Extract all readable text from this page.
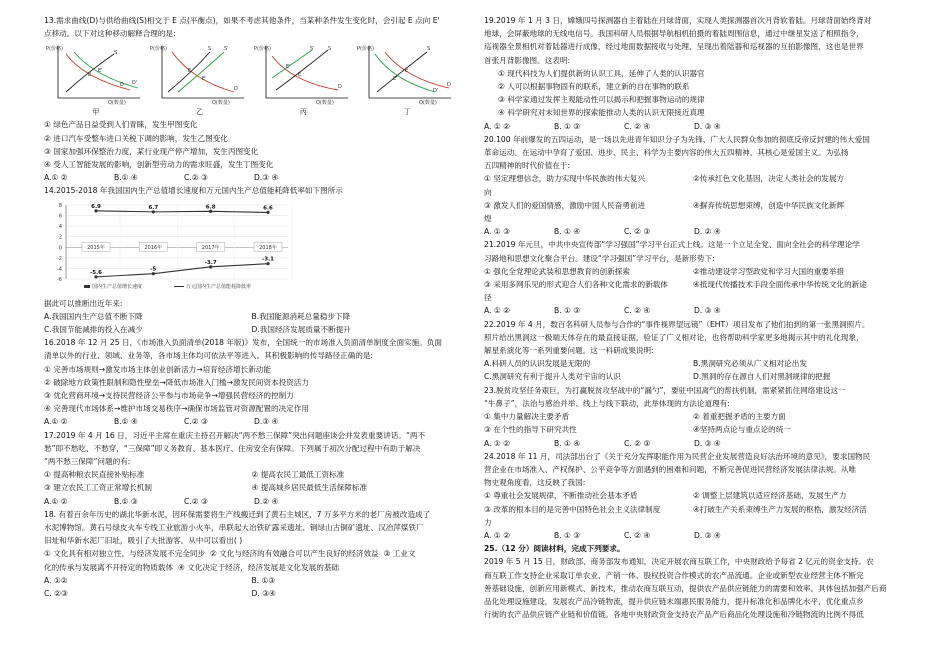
13.需求曲线(D)与供给曲线(S)相交于 E 点(平衡点)，如果不考虑其他条件，当某种条件发生变化时，会引起 E 点向 E'
点移动。以下对这种移动解释合理的是:
P(价格)
Q(数量)
D D'
S
E
E'
P(价格)
Q(数量)
S	S'
D
E
E'
P(价格)
Q(数量)
S
S'
D
E
E'
P(价格)
Q(数量)
S
D
D'
E
E'
甲	乙	丙	丁
① 绿色产品日益受到人们青睐，发生甲图变化
② 进口汽车受整车进口关税下调的影响，发生乙图变化
③ 国家加强环保整治力度，某行业现产停产增加，发生丙图变化
④ 受人工智能发展的影响，创新型劳动力的需求旺盛，发生丁图变化
A.① ②	B.① ④	C.② ③	D.③ ④
14.2015-2018 年我国国内生产总值增长速度和万元国内生产总值能耗降低率如下图所示
8
6
4
2
0
-2
-4
-6
2015年	2016年	2017年	2018年
6.9	6.7	6.8	6.6
-5.6
-5
-3.7
-3.1
国内生产总值增长速度	万元国内生产总值能耗降低率
据此可以推断出近年来:
A.我国国内生产总值不断下降	B.我国能源消耗总量稳步下降
C.我国节能减排的投入在减少	D.我国经济发展质量不断提升
16.2018 年 12 月 25 日，《市场准入负面清单(2018 年版)》发布，全国统一的市场准入负面清单制度全面实施。负面
清单以外的行业、领域、业务等，各市场主体均可依法平等进入。其积极影响的传导路径正确的是:
① 完善市场规则→激发市场主体创业创新活力→培育经济增长新动能
② 破除地方政策性限制和隐性壁垒→降低市场准入门槛→激发民间资本投资活力
③ 优化营商环境→支持民营经济公平参与市场竞争→增强民营经济的控制力
④ 完善现代市场体系→维护市场交易秩序→确保市场监管对资源配置的决定作用
A.① ②	B.① ④	C.② ③	D.③ ④
17.2019 年 4 月 16 日，习近平主席在重庆主持召开解决“两不愁三保障”突出问题座谈会并发表重要讲话。“两不
愁”即不愁吃、不愁穿，“三保障”即义务教育、基本医疗、住房安全有保障。下列属于初次分配过程中有助于解决
“两不愁三保障”问题的有:
① 提高种粮农民直接补贴标准	② 提高农民工最低工资标准
③ 建立农民工工资正常增长机制	④ 提高城乡居民最低生活保障标准
A.① ②	B.① ③	C.② ③	D.② ④
18. 有着百余年历史的湖北华新水泥，因环保需要将生产线搬迁到了黄石主城区，7 万多平方米的老厂房被改造成了
水泥博物馆。黄石号绿皮火车专线工业旅游小火车，串联起大冶铁矿露采遗址、铜绿山古铜矿遗址、汉冶萍煤铁厂
旧址和华新水泥厂旧址，吸引了大批游客。从中可以看出( )
① 文化具有相对独立性，与经济发展不完全同步 ② 文化与经济的有效融合可以产生良好的经济效益 ③ 工业文
化的传承与发展离不开持定的物质载体 ④ 文化决定于经济，经济发展是文化发展的基础
A. ①②	B. ①③
C. ②③	D. ③④
19.2019 年 1 月 3 日，嫦娥四号探测器自主着陆在月球背面，实现人类探测器首次月背软着陆。月球背面始终背对
地球，会屏蔽地球的无线电信号。我国科研人员根据导航相机拍摄的着陆周围信息，通过中继星发送了相照指令，
巡视器全景相机对着陆器进行成像，经过地面数据接收与处理，呈现出着陆器和巡视器的互拍影像图，这也是世界
首张月背影像图。这表明:
① 现代科技为人们提供新的认识工具，延伸了人类的认识器官
② 人可以根据事物固有的联系，建立新的自在事物的联系
③ 科学家通过发挥主观能动性可以揭示和把握事物运动的规律
④ 科学研究对未知世界的探索能推动人类的认识无限接近真理
A. ① ②	B. ① ③	C. ② ④	D. ③ ④
20.100 年前爆发的五四运动，是一场以先进青年知识分子为先锋、广大人民群众参加的彻底反帝反封建的伟大爱国
革命运动。在运动中孕育了爱国、进步、民主、科学为主要内容的伟大五四精神，其核心是爱国主义。为弘扬
五四精神的时代价值在于:
① 坚定理想信念，助力实现中华民族的伟大复兴	②传承红色文化基因，决定人类社会的发展方
向
③ 激发人们的爱国情感，激励中国人民奋勇前进	④摒弃传统思想束缚，创造中华民族文化新辉
煌
A. ① ③	B. ① ④	C. ② ③	D. ② ④
21.2019 年元旦，中共中央宣传部“学习强国”学习平台正式上线。这是一个立足全党、面向全社会的科学理论学
习路地和思想文化聚合平台。建设“学习强国”学习平台，是新形势下:
① 强化全党理论武装和思想教育的创新探索	②推动建设学习型政党和学习大国的重要举措
③ 采用多网乐见的形式迎合人们各种文化需求的新载体	④抵现代传播技术手段全面传承中华传统文化的新途
径
A. ① ②	B. ① ③	C. ② ④	D. ③ ④
22.2019 年 4 月，数百名科研人员参与合作的“事件视界望远镜”（EHT）项目发布了他们拍到的第一张黑洞照片。
照片给出黑洞这一极端天体存在的最直接证据，验证了广义相对论，也将帮助科学家更多地揭示其中的礼化现象，
解星系演化等一系列重要问题。这一科研成果说明:
A.科研人员的认识发展是无限的	B.黑洞研究必须从广义相对论出发
C.黑洞研究有利于提升人类对宇宙的认识	D.黑洞的存在源自人们对黑洞规律的把握
23.脱贫攻坚任务艰巨，为打赢脱贫攻坚战中的“漏勺”，要驻中国离气的帮扶机制，需紧紧抓住网络建设这一
“牛鼻子”，法治与感治并举、线上与线下联动，此举体现的方法论道理有:
① 集中力量解决主要矛盾	② 着重把握矛盾的主要方面
③ 在个性的指导下研究共性	④坚持两点论与重点论的统一
A. ① ②	B. ① ④	C. ② ③	D. ③ ④
24.2018 年 11 月，司法部出台了《关于充分发挥职能作用为民营企业发展营造良好法治环境的意见》，要求国物民
营企业在市场准入、产权保护、公平竞争等方面遇到的困难和问题，不断完善促进民营经济发展法律法规。从唯
物史观角度看，这反映了我国:
① 尊重社会发展规律，不断推动社会基本矛盾	② 调整上层建筑以适应经济基础，发展生产力
③ 改革的根本目的是完善中国特色社会主义法律制度	④打破生产关系束缚生产力发展的枢梏，激发经济活
力
A. ① ②	B. ① ③	C. ② ④	D. ③ ④
25.（12 分）阅读材料，完成下列要求。
2019 年 5 月 15 日，财政部、商务部发布通知，决定开展农商互联工作，中央财政给予每省 2 亿元的资金支持。农
商互联工作支持企业采取订单农业、产销一体、股权投资合作模式的农产品流通。企业或新型农业经营主体不断完
善基础设施，创新应用新模式、新技术，推动农商互联互动，提供农产品供应链能力的需要和效率。具体包括加强产后商
品化处理设施建设，发展农产品冷链物流，提升供应链末端惠民服务能力，提升标准化和品牌化水平，优化重点乡
行街的农产品供应链产业链和价值链。各地中央财政资金支持农产品产后商品化处理设施和冷链物流的比例不得低
